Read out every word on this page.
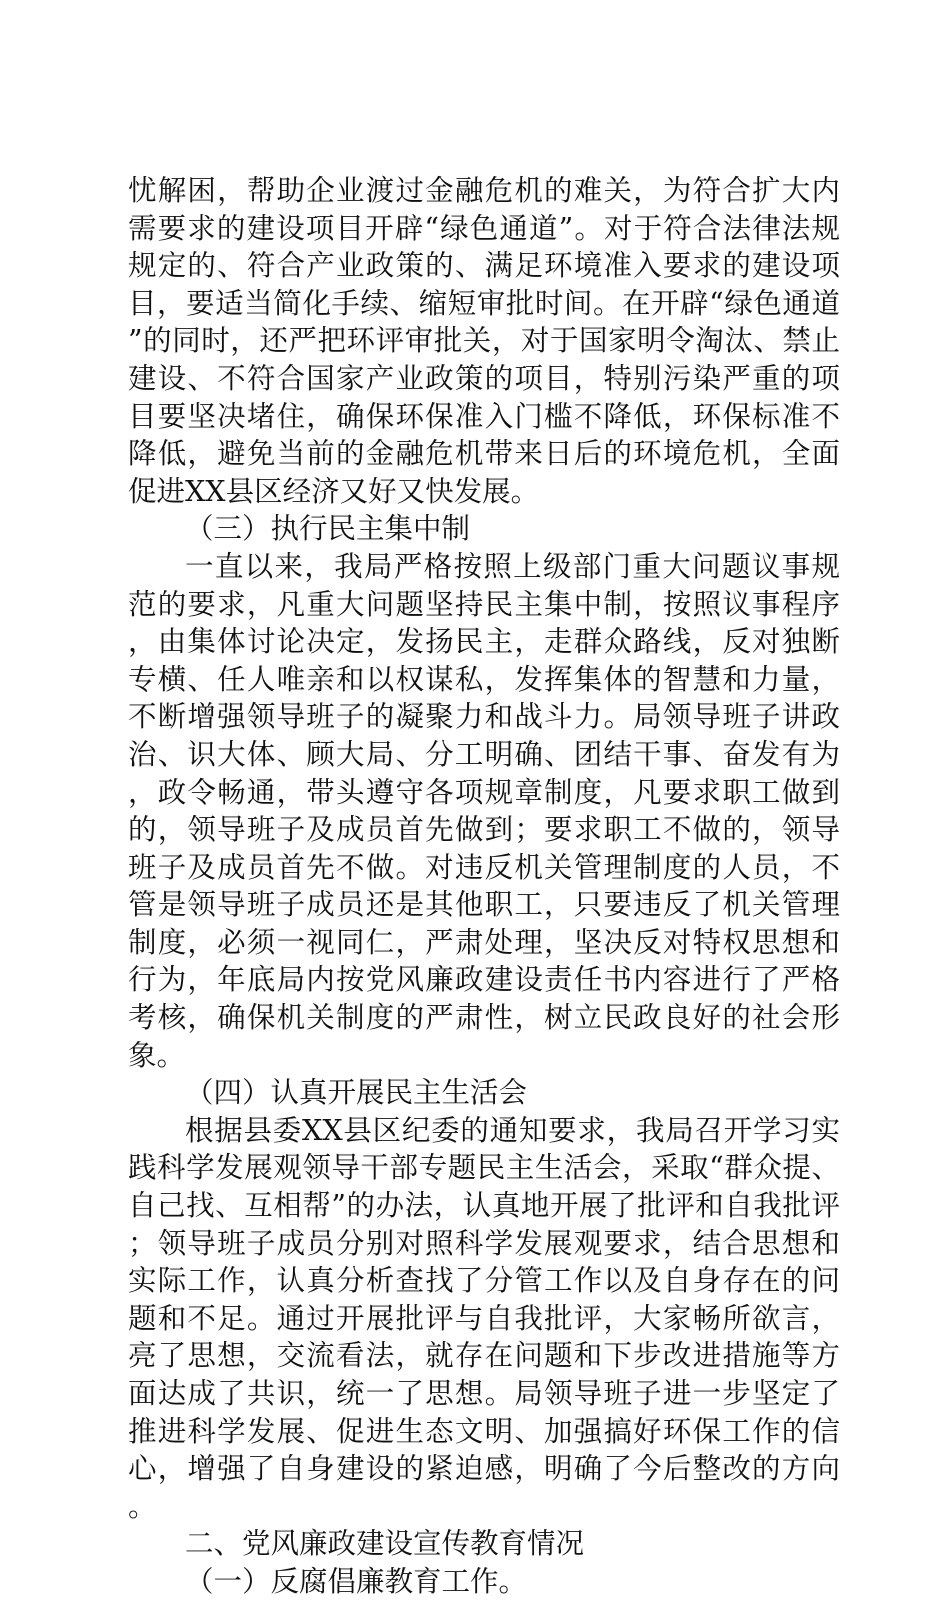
忧解困，帮助企业渡过金融危机的难关，为符合扩大内需要求的建设项目开辟“绿色通道”。对于符合法律法规规定的、符合产业政策的、满足环境准入要求的建设项目，要适当简化手续、缩短审批时间。在开辟“绿色通道”的同时，还严把环评审批关，对于国家明令淘汰、禁止建设、不符合国家产业政策的项目，特别污染严重的项目要坚决堵住，确保环保准入门槛不降低，环保标准不降低，避免当前的金融危机带来日后的环境危机，全面促进XX县区经济又好又快发展。

（三）执行民主集中制

一直以来，我局严格按照上级部门重大问题议事规范的要求，凡重大问题坚持民主集中制，按照议事程序，由集体讨论决定，发扬民主，走群众路线，反对独断专横、任人唯亲和以权谋私，发挥集体的智慧和力量，不断增强领导班子的凝聚力和战斗力。局领导班子讲政治、识大体、顾大局、分工明确、团结干事、奋发有为，政令畅通，带头遵守各项规章制度，凡要求职工做到的，领导班子及成员首先做到；要求职工不做的，领导班子及成员首先不做。对违反机关管理制度的人员，不管是领导班子成员还是其他职工，只要违反了机关管理制度，必须一视同仁，严肃处理，坚决反对特权思想和行为，年底局内按党风廉政建设责任书内容进行了严格考核，确保机关制度的严肃性，树立民政良好的社会形象。

（四）认真开展民主生活会

根据县委XX县区纪委的通知要求，我局召开学习实践科学发展观领导干部专题民主生活会，采取“群众提、自己找、互相帮”的办法，认真地开展了批评和自我批评；领导班子成员分别对照科学发展观要求，结合思想和实际工作，认真分析查找了分管工作以及自身存在的问题和不足。通过开展批评与自我批评，大家畅所欲言，亮了思想，交流看法，就存在问题和下步改进措施等方面达成了共识，统一了思想。局领导班子进一步坚定了推进科学发展、促进生态文明、加强搞好环保工作的信心，增强了自身建设的紧迫感，明确了今后整改的方向。

二、党风廉政建设宣传教育情况

（一）反腐倡廉教育工作。
